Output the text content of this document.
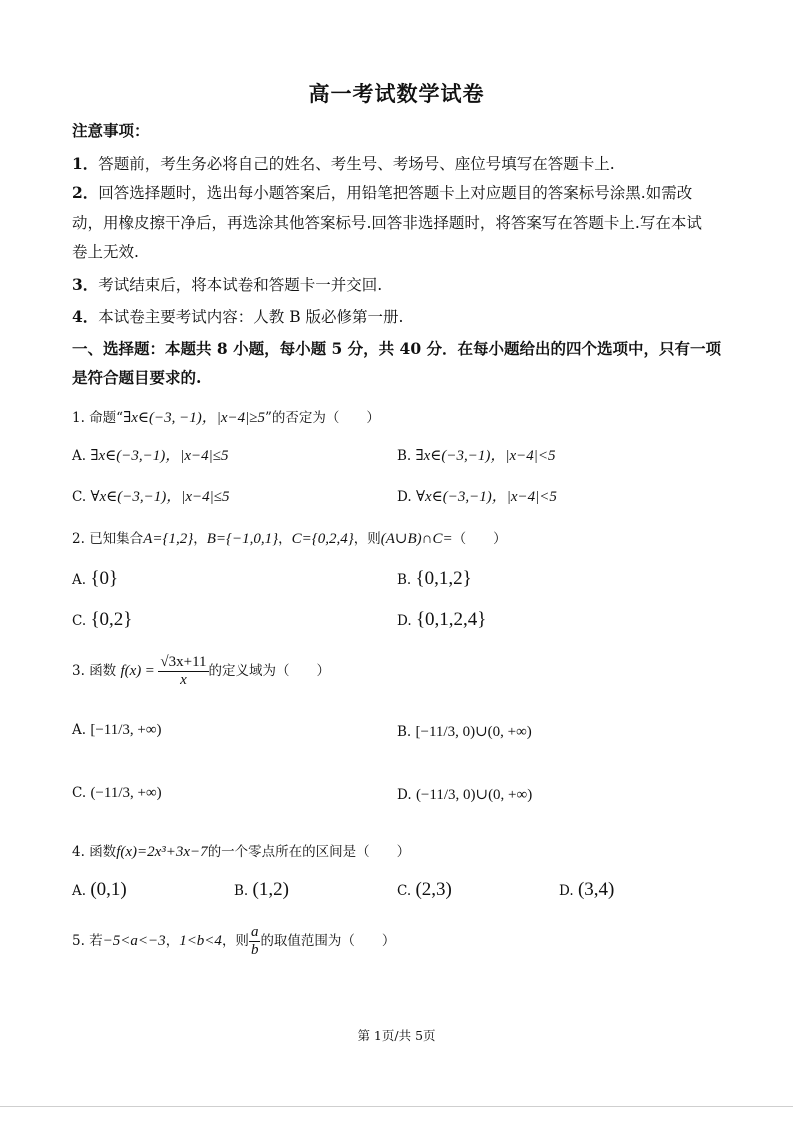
高一考试数学试卷
注意事项：
1．答题前，考生务必将自己的姓名、考生号、考场号、座位号填写在答题卡上.
2．回答选择题时，选出每小题答案后，用铅笔把答题卡上对应题目的答案标号涂黑.如需改
动，用橡皮擦干净后，再选涂其他答案标号.回答非选择题时，将答案写在答题卡上.写在本试
卷上无效.
3．考试结束后，将本试卷和答题卡一并交回.
4．本试卷主要考试内容：人教 B 版必修第一册.
一、选择题：本题共 8 小题，每小题 5 分，共 40 分．在每小题给出的四个选项中，只有一项
是符合题目要求的.
1. 命题“∃x∈(−3, −1)，|x−4|≥5”的否定为（　　）
A. ∃x∈(−3,−1)，|x−4|≤5	B. ∃x∈(−3,−1)，|x−4|<5
C. ∀x∈(−3,−1)，|x−4|≤5	D. ∀x∈(−3,−1)，|x−4|<5
2. 已知集合A={1,2}，B={−1,0,1}，C={0,2,4}，则(A∪B)∩C=（　　）
A. {0}	B. {0,1,2}
C. {0,2}	D. {0,1,2,4}
3. 函数 $f(x) = \frac{√3x+11}{x}$ 的定义域为（　　）
A. [−11/3, +∞)	B. [−11/3, 0)∪(0, +∞)
C. (−11/3, +∞)	D. (−11/3, 0)∪(0, +∞)
4. 函数f(x)=2x³+3x−7的一个零点所在的区间是（　　）
A. (0,1)	B. (1,2)	C. (2,3)	D. (3,4)
5. 若−5<a<−3，1<b<4，则 $\frac{a}{b}$ 的取值范围为（　　）
第 1页/共 5页
